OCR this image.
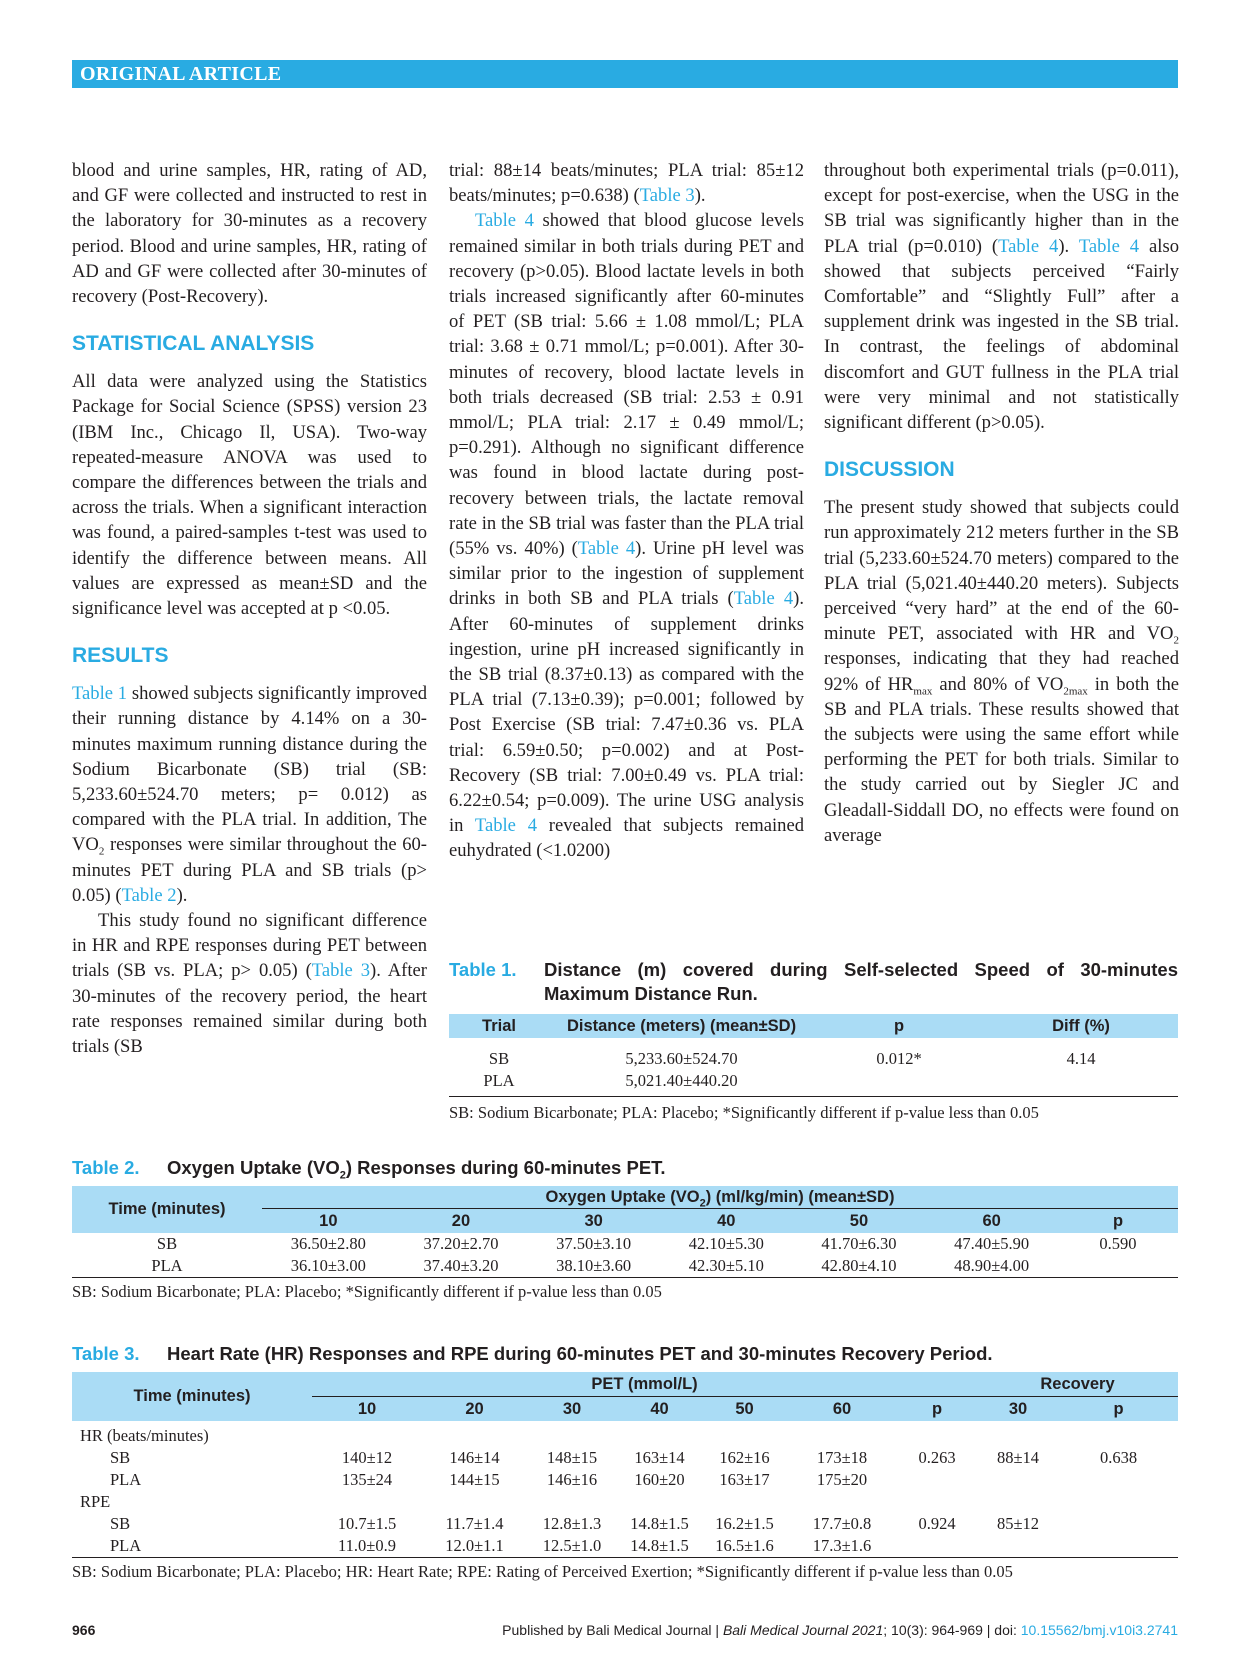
ORIGINAL ARTICLE

blood and urine samples, HR, rating of AD, and GF were collected and instructed to rest in the laboratory for 30-minutes as a recovery period. Blood and urine samples, HR, rating of AD and GF were collected after 30-minutes of recovery (Post-Recovery).

STATISTICAL ANALYSIS

All data were analyzed using the Statistics Package for Social Science (SPSS) version 23 (IBM Inc., Chicago Il, USA). Two-way repeated-measure ANOVA was used to compare the differences between the trials and across the trials. When a significant interaction was found, a paired-samples t-test was used to identify the difference between means. All values are expressed as mean±SD and the significance level was accepted at p <0.05.

RESULTS

Table 1 showed subjects significantly improved their running distance by 4.14% on a 30-minutes maximum running distance during the Sodium Bicarbonate (SB) trial (SB: 5,233.60±524.70 meters; p= 0.012) as compared with the PLA trial. In addition, The $VO_2$ responses were similar throughout the 60-minutes PET during PLA and SB trials (p> 0.05) (Table 2).

This study found no significant difference in HR and RPE responses during PET between trials (SB vs. PLA; p> 0.05) (Table 3). After 30-minutes of the recovery period, the heart rate responses remained similar during both trials (SB

trial: 88±14 beats/minutes; PLA trial: 85±12 beats/minutes; p=0.638) (Table 3).

Table 4 showed that blood glucose levels remained similar in both trials during PET and recovery (p>0.05). Blood lactate levels in both trials increased significantly after 60-minutes of PET (SB trial: 5.66 ± 1.08 mmol/L; PLA trial: 3.68 ± 0.71 mmol/L; p=0.001). After 30-minutes of recovery, blood lactate levels in both trials decreased (SB trial: 2.53 ± 0.91 mmol/L; PLA trial: 2.17 ± 0.49 mmol/L; p=0.291). Although no significant difference was found in blood lactate during post-recovery between trials, the lactate removal rate in the SB trial was faster than the PLA trial (55% vs. 40%) (Table 4). Urine pH level was similar prior to the ingestion of supplement drinks in both SB and PLA trials (Table 4). After 60-minutes of supplement drinks ingestion, urine pH increased significantly in the SB trial (8.37±0.13) as compared with the PLA trial (7.13±0.39); p=0.001; followed by Post Exercise (SB trial: 7.47±0.36 vs. PLA trial: 6.59±0.50; p=0.002) and at Post-Recovery (SB trial: 7.00±0.49 vs. PLA trial: 6.22±0.54; p=0.009). The urine USG analysis in Table 4 revealed that subjects remained euhydrated (<1.0200)

throughout both experimental trials (p=0.011), except for post-exercise, when the USG in the SB trial was significantly higher than in the PLA trial (p=0.010) (Table 4). Table 4 also showed that subjects perceived “Fairly Comfortable” and “Slightly Full” after a supplement drink was ingested in the SB trial. In contrast, the feelings of abdominal discomfort and GUT fullness in the PLA trial were very minimal and not statistically significant different (p>0.05).

DISCUSSION

The present study showed that subjects could run approximately 212 meters further in the SB trial (5,233.60±524.70 meters) compared to the PLA trial (5,021.40±440.20 meters). Subjects perceived “very hard” at the end of the 60-minute PET, associated with HR and $VO_2$ responses, indicating that they had reached 92% of $HR_{max}$ and 80% of $VO_{2max}$ in both the SB and PLA trials. These results showed that the subjects were using the same effort while performing the PET for both trials. Similar to the study carried out by Siegler JC and Gleadall-Siddall DO, no effects were found on average

Table 1.	Distance (m) covered during Self-selected Speed of 30-minutes Maximum Distance Run.
Trial	Distance (meters) (mean±SD)	p	Diff (%)
SB	5,233.60±524.70	0.012*	4.14
PLA	5,021.40±440.20		
SB: Sodium Bicarbonate; PLA: Placebo; *Significantly different if p-value less than 0.05
Table 2. Oxygen Uptake $(VO_2)$ Responses during 60-minutes PET.
Time (minutes)	Oxygen Uptake $(VO_2)$ (ml/kg/min) (mean±SD)						
	10	20	30	40	50	60	p
SB	36.50±2.80	37.20±2.70	37.50±3.10	42.10±5.30	41.70±6.30	47.40±5.90	0.590
PLA	36.10±3.00	37.40±3.20	38.10±3.60	42.30±5.10	42.80±4.10	48.90±4.00	
SB: Sodium Bicarbonate; PLA: Placebo; *Significantly different if p-value less than 0.05
Table 3. Heart Rate (HR) Responses and RPE during 60-minutes PET and 30-minutes Recovery Period.
Time (minutes)	PET (mmol/L)							Recovery	
	10	20	30	40	50	60	p	30	p
HR (beats/minutes)									
SB	140±12	146±14	148±15	163±14	162±16	173±18	0.263	88±14	0.638
PLA	135±24	144±15	146±16	160±20	163±17	175±20			
RPE									
SB	10.7±1.5	11.7±1.4	12.8±1.3	14.8±1.5	16.2±1.5	17.7±0.8	0.924	85±12	
PLA	11.0±0.9	12.0±1.1	12.5±1.0	14.8±1.5	16.5±1.6	17.3±1.6			
SB: Sodium Bicarbonate; PLA: Placebo; HR: Heart Rate; RPE: Rating of Perceived Exertion; *Significantly different if p-value less than 0.05
966	Published by Bali Medical Journal | Bali Medical Journal 2021; 10(3): 964-969 | doi: 10.15562/bmj.v10i3.2741
